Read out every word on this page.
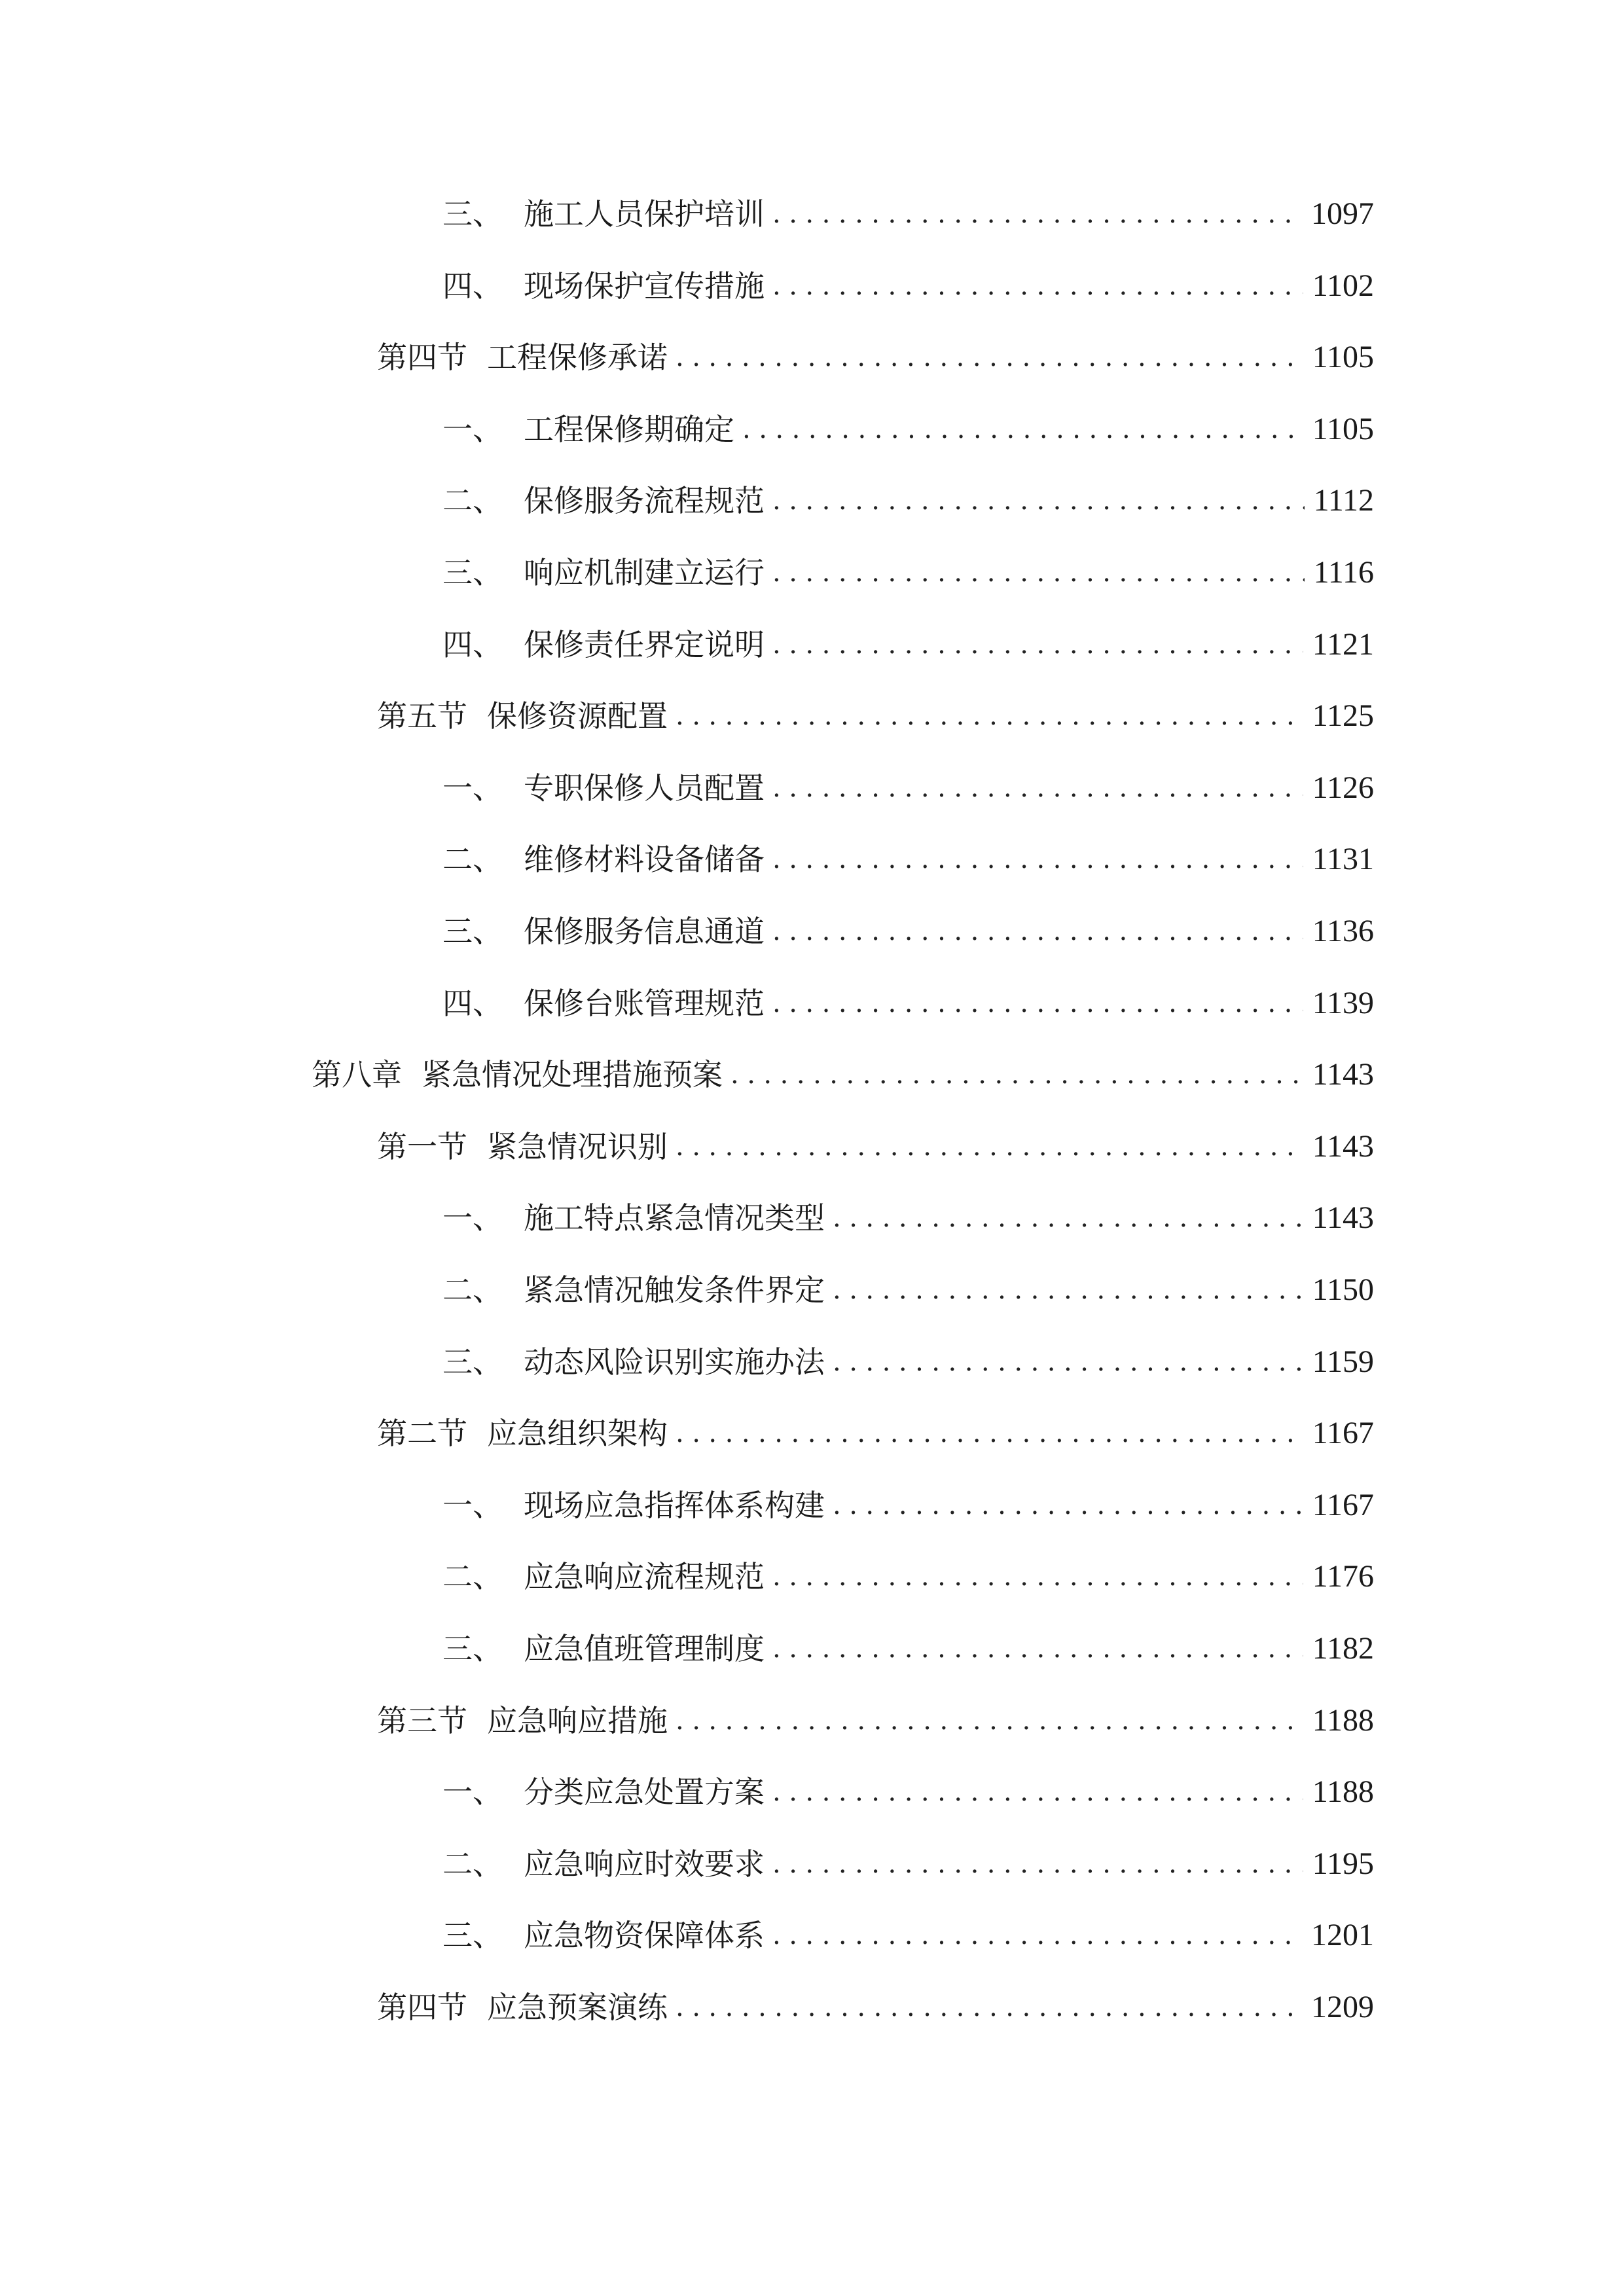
三、 施工人员保护培训 .....	1097
四、 现场保护宣传措施 .....	1102
第四节 工程保修承诺 .....	1105
一、 工程保修期确定 .....	1105
二、 保修服务流程规范 .....	1112
三、 响应机制建立运行 .....	1116
四、 保修责任界定说明 .....	1121
第五节 保修资源配置 .....	1125
一、 专职保修人员配置 .....	1126
二、 维修材料设备储备 .....	1131
三、 保修服务信息通道 .....	1136
四、 保修台账管理规范 .....	1139
第八章 紧急情况处理措施预案 .....	1143
第一节 紧急情况识别 .....	1143
一、 施工特点紧急情况类型 .....	1143
二、 紧急情况触发条件界定 .....	1150
三、 动态风险识别实施办法 .....	1159
第二节 应急组织架构 .....	1167
一、 现场应急指挥体系构建 .....	1167
二、 应急响应流程规范 .....	1176
三、 应急值班管理制度 .....	1182
第三节 应急响应措施 .....	1188
一、 分类应急处置方案 .....	1188
二、 应急响应时效要求 .....	1195
三、 应急物资保障体系 .....	1201
第四节 应急预案演练 .....	1209
